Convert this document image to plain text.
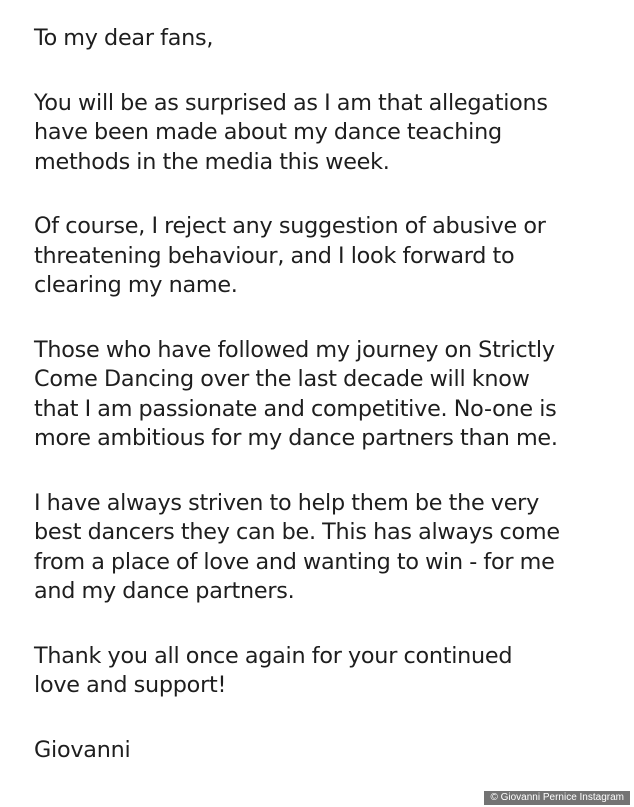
To my dear fans,
You will be as surprised as I am that allegations
have been made about my dance teaching
methods in the media this week.
Of course, I reject any suggestion of abusive or
threatening behaviour, and I look forward to
clearing my name.
Those who have followed my journey on Strictly
Come Dancing over the last decade will know
that I am passionate and competitive. No-one is
more ambitious for my dance partners than me.
I have always striven to help them be the very
best dancers they can be. This has always come
from a place of love and wanting to win - for me
and my dance partners.
Thank you all once again for your continued
love and support!
Giovanni
© Giovanni Pernice Instagram
